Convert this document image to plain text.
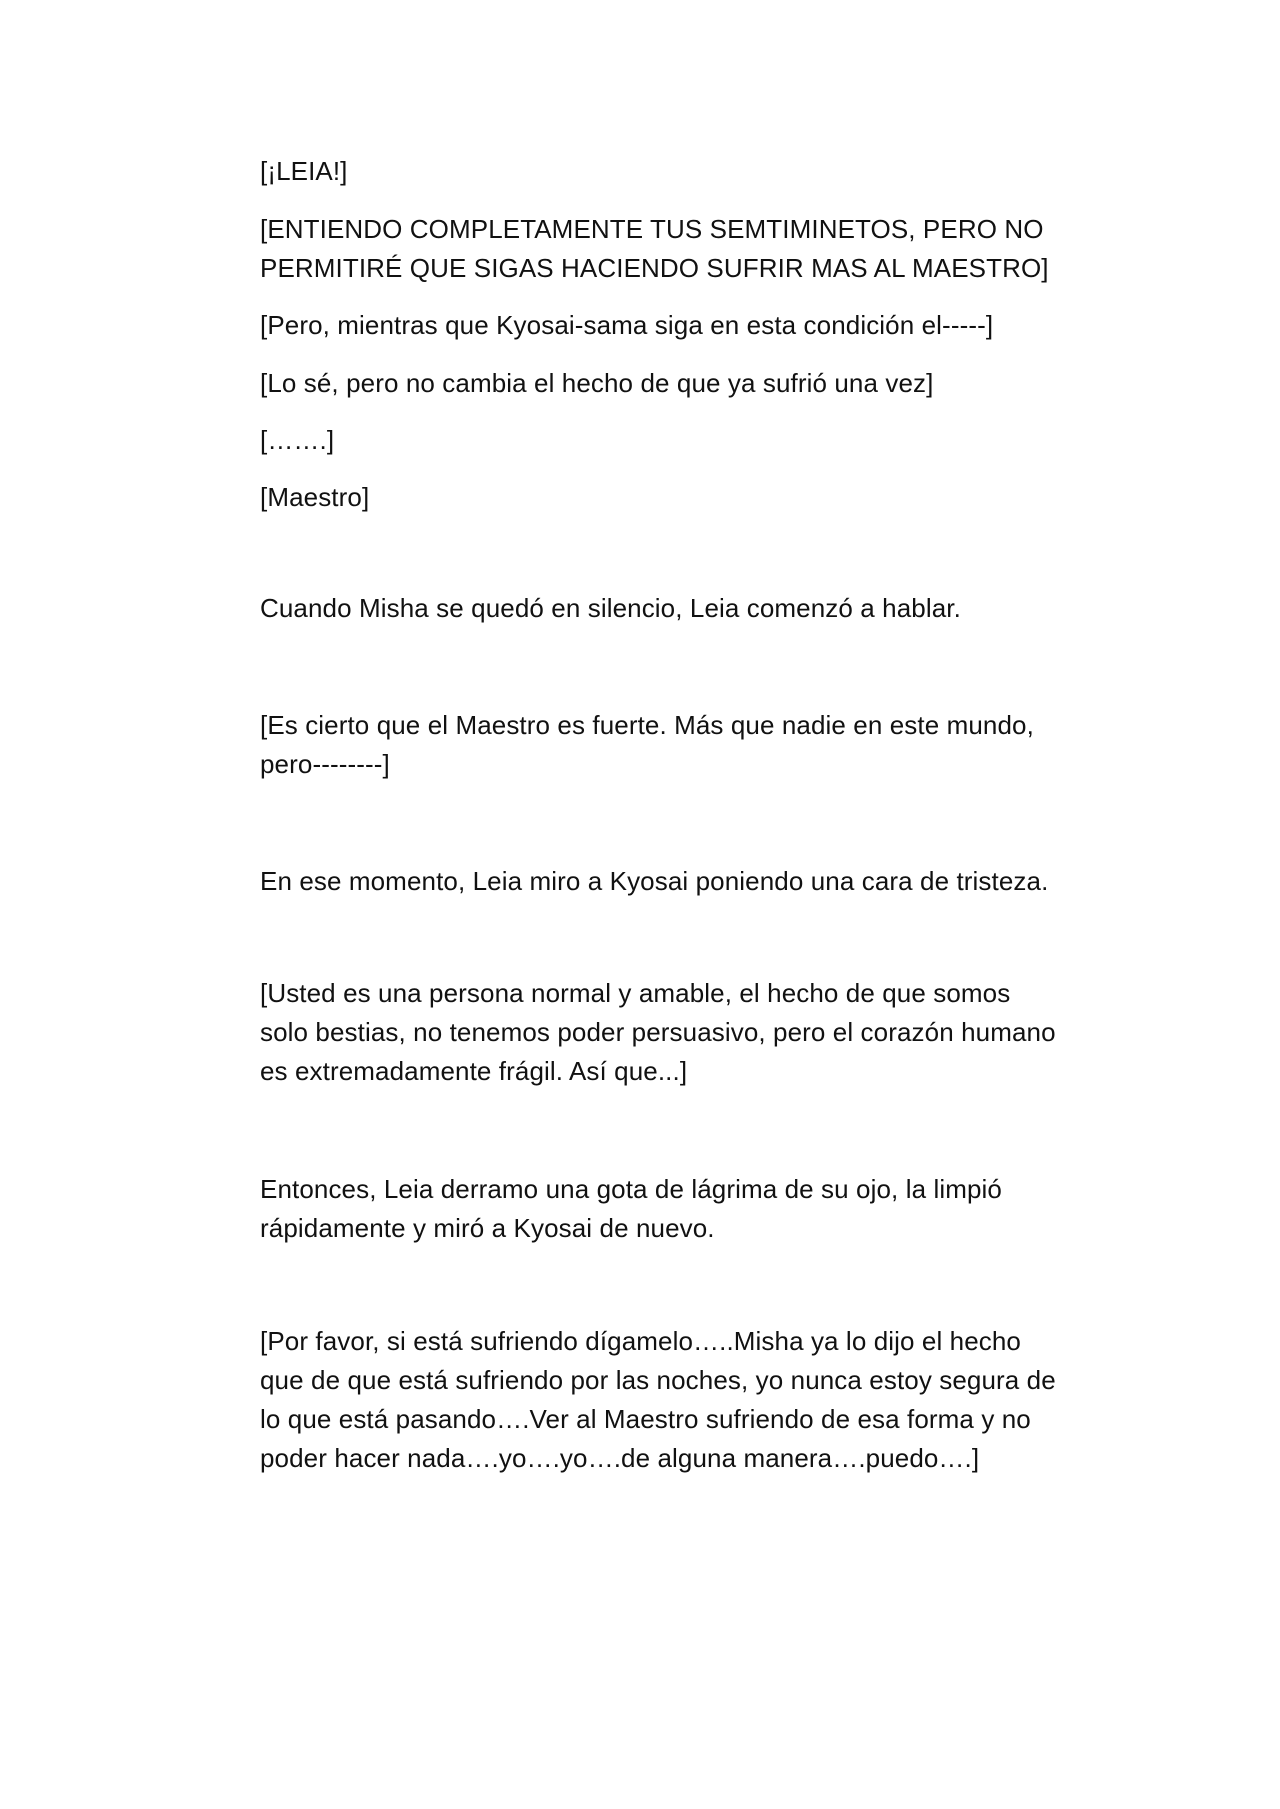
[¡LEIA!]

[ENTIENDO COMPLETAMENTE TUS SEMTIMINETOS, PERO NO
PERMITIRÉ QUE SIGAS HACIENDO SUFRIR MAS AL MAESTRO]

[Pero, mientras que Kyosai-sama siga en esta condición el-----]

[Lo sé, pero no cambia el hecho de que ya sufrió una vez]

[…….]

[Maestro]

Cuando Misha se quedó en silencio, Leia comenzó a hablar.

[Es cierto que el Maestro es fuerte. Más que nadie en este mundo,
pero--------]

En ese momento, Leia miro a Kyosai poniendo una cara de tristeza.

[Usted es una persona normal y amable, el hecho de que somos
solo bestias, no tenemos poder persuasivo, pero el corazón humano
es extremadamente frágil. Así que...]

Entonces, Leia derramo una gota de lágrima de su ojo, la limpió
rápidamente y miró a Kyosai de nuevo.

[Por favor, si está sufriendo dígamelo…..Misha ya lo dijo el hecho
que de que está sufriendo por las noches, yo nunca estoy segura de
lo que está pasando….Ver al Maestro sufriendo de esa forma y no
poder hacer nada….yo….yo….de alguna manera….puedo….]
